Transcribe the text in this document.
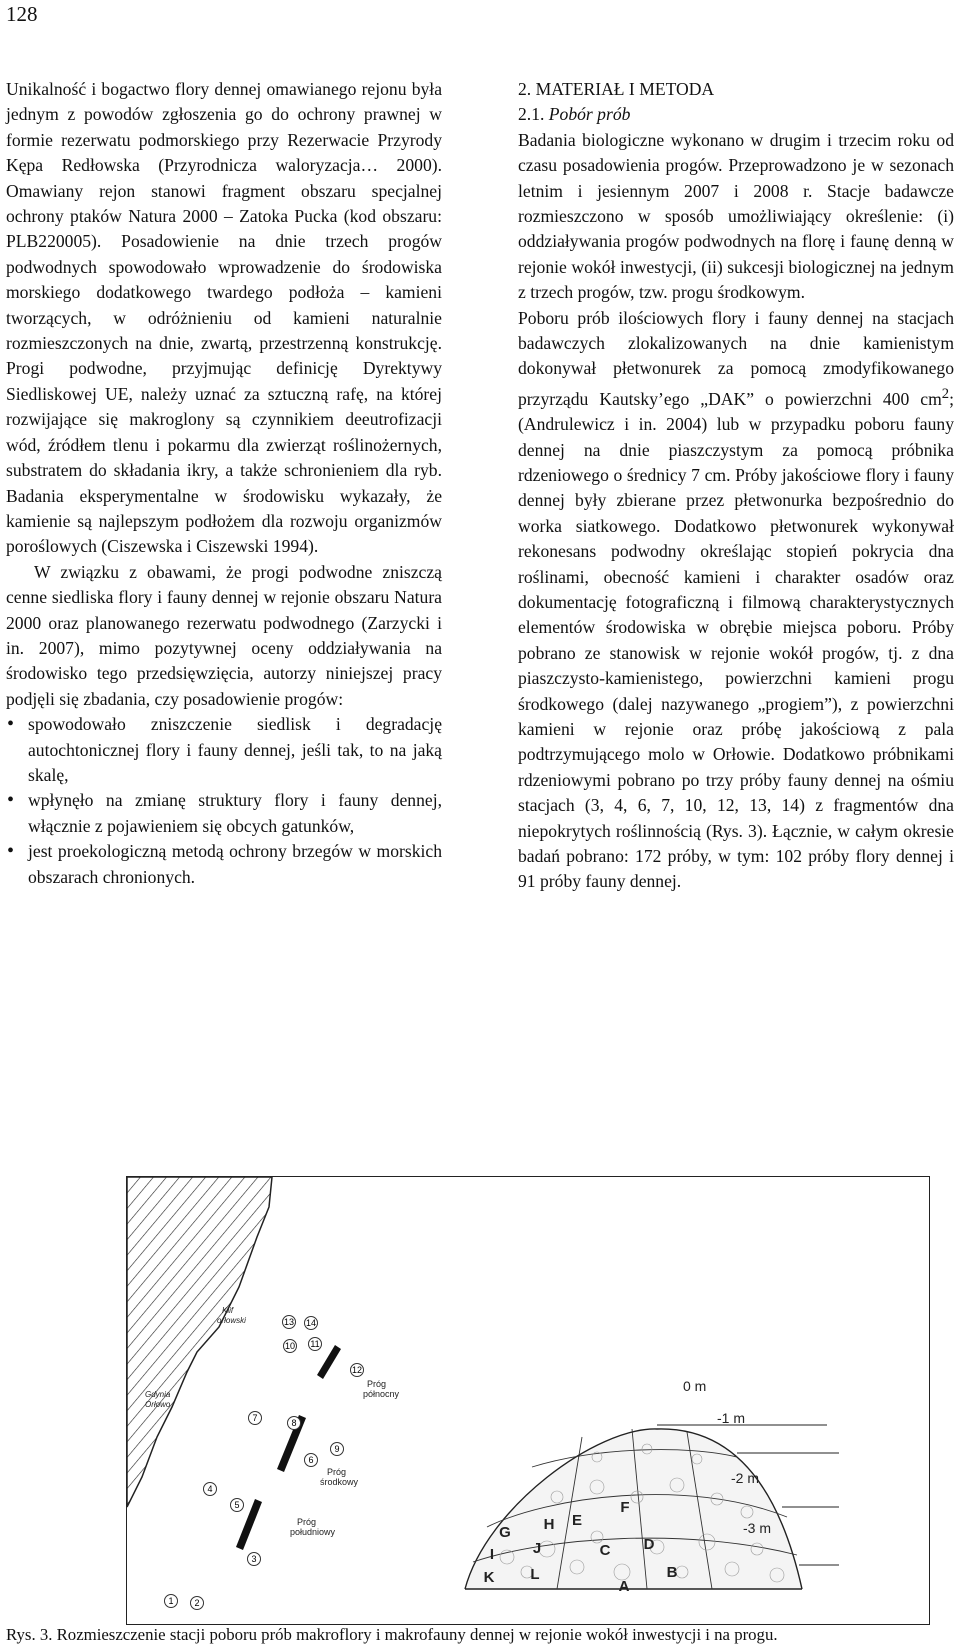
128

Unikalność i bogactwo flory dennej omawianego rejonu była jednym z powodów zgłoszenia go do ochrony prawnej w formie rezerwatu podmorskiego przy Rezerwacie Przyrody Kępa Redłowska (Przyrodnicza waloryzacja… 2000). Omawiany rejon stanowi fragment obszaru specjalnej ochrony ptaków Natura 2000 – Zatoka Pucka (kod obszaru: PLB220005). Posadowienie na dnie trzech progów podwodnych spowodowało wprowadzenie do środowiska morskiego dodatkowego twardego podłoża – kamieni tworzących, w odróżnieniu od kamieni naturalnie rozmieszczonych na dnie, zwartą, przestrzenną konstrukcję. Progi podwodne, przyjmując definicję Dyrektywy Siedliskowej UE, należy uznać za sztuczną rafę, na której rozwijające się makroglony są czynnikiem deeutrofizacji wód, źródłem tlenu i pokarmu dla zwierząt roślinożernych, substratem do składania ikry, a także schronieniem dla ryb. Badania eksperymentalne w środowisku wykazały, że kamienie są najlepszym podłożem dla rozwoju organizmów poroślowych (Ciszewska i Ciszewski 1994).

W związku z obawami, że progi podwodne zniszczą cenne siedliska flory i fauny dennej w rejonie obszaru Natura 2000 oraz planowanego rezerwatu podwodnego (Zarzycki i in. 2007), mimo pozytywnej oceny oddziaływania na środowisko tego przedsięwzięcia, autorzy niniejszej pracy podjęli się zbadania, czy posadowienie progów:

• spowodowało zniszczenie siedlisk i degradację autochtonicznej flory i fauny dennej, jeśli tak, to na jaką skalę,
• wpłynęło na zmianę struktury flory i fauny dennej, włącznie z pojawieniem się obcych gatunków,
• jest proekologiczną metodą ochrony brzegów w morskich obszarach chronionych.

2. MATERIAŁ I METODA

2.1. Pobór prób

Badania biologiczne wykonano w drugim i trzecim roku od czasu posadowienia progów. Przeprowadzono je w sezonach letnim i jesiennym 2007 i 2008 r. Stacje badawcze rozmieszczono w sposób umożliwiający określenie: (i) oddziaływania progów podwodnych na florę i faunę denną w rejonie wokół inwestycji, (ii) sukcesji biologicznej na jednym z trzech progów, tzw. progu środkowym.

Poboru prób ilościowych flory i fauny dennej na stacjach badawczych zlokalizowanych na dnie kamienistym dokonywał płetwonurek za pomocą zmodyfikowanego przyrządu Kautsky’ego „DAK” o powierzchni 400 $cm^2$; (Andrulewicz i in. 2004) lub w przypadku poboru fauny dennej na dnie piaszczystym za pomocą próbnika rdzeniowego o średnicy 7 cm. Próby jakościowe flory i fauny dennej były zbierane przez płetwonurka bezpośrednio do worka siatkowego. Dodatkowo płetwonurek wykonywał rekonesans podwodny określając stopień pokrycia dna roślinami, obecność kamieni i charakter osadów oraz dokumentację fotograficzną i filmową charakterystycznych elementów środowiska w obrębie miejsca poboru. Próby pobrano ze stanowisk w rejonie wokół progów, tj. z dna piaszczysto-kamienistego, powierzchni kamieni progu środkowego (dalej nazywanego „progiem”), z powierzchni kamieni w rejonie oraz próbę jakościową z pala podtrzymującego molo w Orłowie. Dodatkowo próbnikami rdzeniowymi pobrano po trzy próby fauny dennej na ośmiu stacjach (3, 4, 6, 7, 10, 12, 13, 14) z fragmentów dna niepokrytych roślinnością (Rys. 3). Łącznie, w całym okresie badań pobrano: 172 próby, w tym: 102 próby flory dennej i 91 próby fauny dennej.

Klif
orłowski
Gdynia
Orłowo
Próg
północny
Próg
środkowy
Próg
południowy
1 2
3
4
5
6
7	8
9
10 11
12
13 14
0 m
-1 m
-2 m
-3 m
A
B
C D
E
F
G H
I	J
K L
Rys. 3. Rozmieszczenie stacji poboru prób makroflory i makrofauny dennej w rejonie wokół inwestycji i na progu.
